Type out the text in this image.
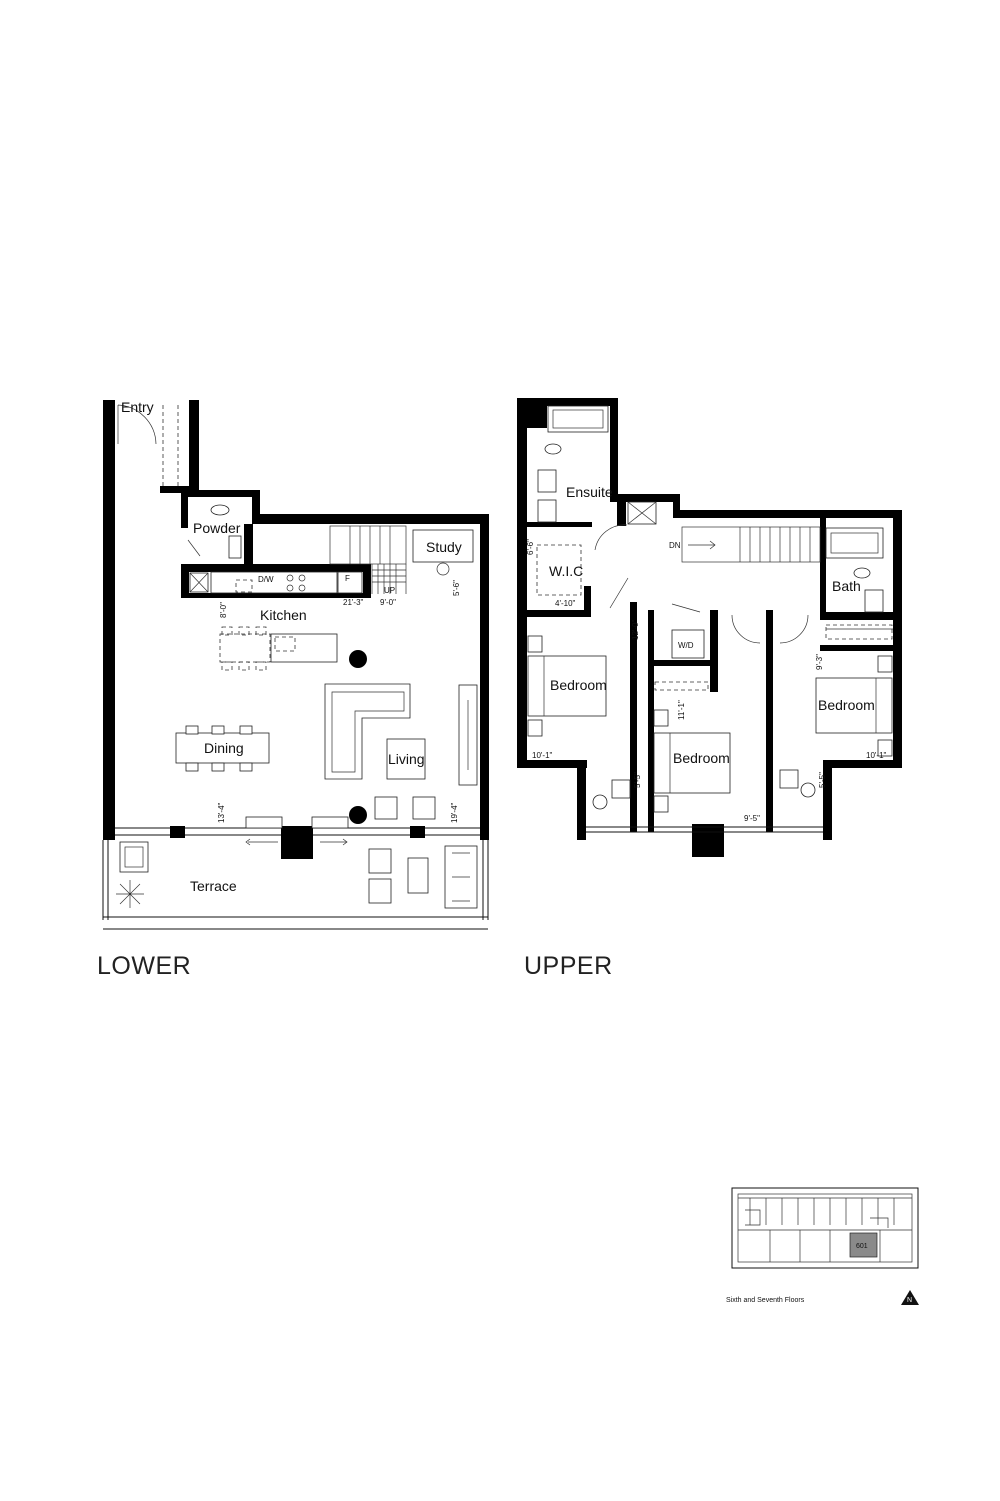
Entry
Powder
Kitchen
Study
Dining
Living
Terrace
D/W	F
UP
21'-3" 9'-0"
8'-0"
5'-6"
13'-4"	19'-4"
Ensuite
W.I.C
Bath
W/D
Bedroom
Bedroom
Bedroom
DN
6'-6"
4'-10"
12'-0"
10'-1"
5'-5"
11'-1"
9'-5"
9'-3"
10'-1"
5'-5"
LOWER	UPPER
601
N
Sixth and Seventh Floors
